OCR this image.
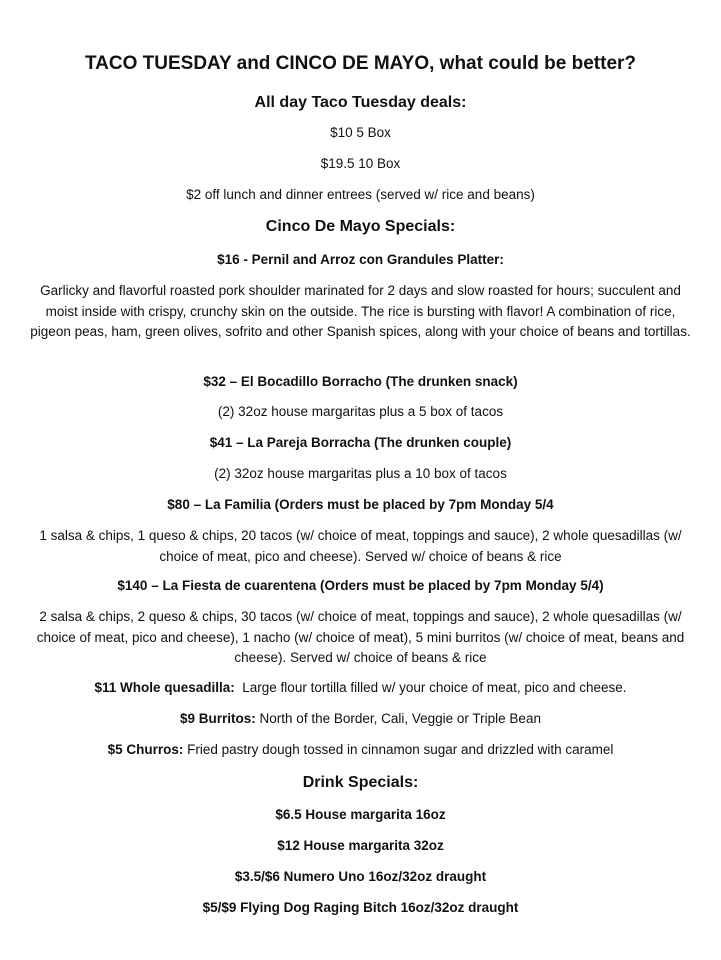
TACO TUESDAY and CINCO DE MAYO, what could be better?
All day Taco Tuesday deals:
$10 5 Box
$19.5 10 Box
$2 off lunch and dinner entrees (served w/ rice and beans)
Cinco De Mayo Specials:
$16 - Pernil and Arroz con Grandules Platter:
Garlicky and flavorful roasted pork shoulder marinated for 2 days and slow roasted for hours; succulent and moist inside with crispy, crunchy skin on the outside. The rice is bursting with flavor! A combination of rice, pigeon peas, ham, green olives, sofrito and other Spanish spices, along with your choice of beans and tortillas.
$32 – El Bocadillo Borracho (The drunken snack)
(2) 32oz house margaritas plus a 5 box of tacos
$41 – La Pareja Borracha (The drunken couple)
(2) 32oz house margaritas plus a 10 box of tacos
$80 – La Familia (Orders must be placed by 7pm Monday 5/4
1 salsa & chips, 1 queso & chips, 20 tacos (w/ choice of meat, toppings and sauce), 2 whole quesadillas (w/ choice of meat, pico and cheese). Served w/ choice of beans & rice
$140 – La Fiesta de cuarentena (Orders must be placed by 7pm Monday 5/4)
2 salsa & chips, 2 queso & chips, 30 tacos (w/ choice of meat, toppings and sauce), 2 whole quesadillas (w/ choice of meat, pico and cheese), 1 nacho (w/ choice of meat), 5 mini burritos (w/ choice of meat, beans and cheese). Served w/ choice of beans & rice
$11 Whole quesadilla:  Large flour tortilla filled w/ your choice of meat, pico and cheese.
$9 Burritos: North of the Border, Cali, Veggie or Triple Bean
$5 Churros: Fried pastry dough tossed in cinnamon sugar and drizzled with caramel
Drink Specials:
$6.5 House margarita 16oz
$12 House margarita 32oz
$3.5/$6 Numero Uno 16oz/32oz draught
$5/$9 Flying Dog Raging Bitch 16oz/32oz draught
